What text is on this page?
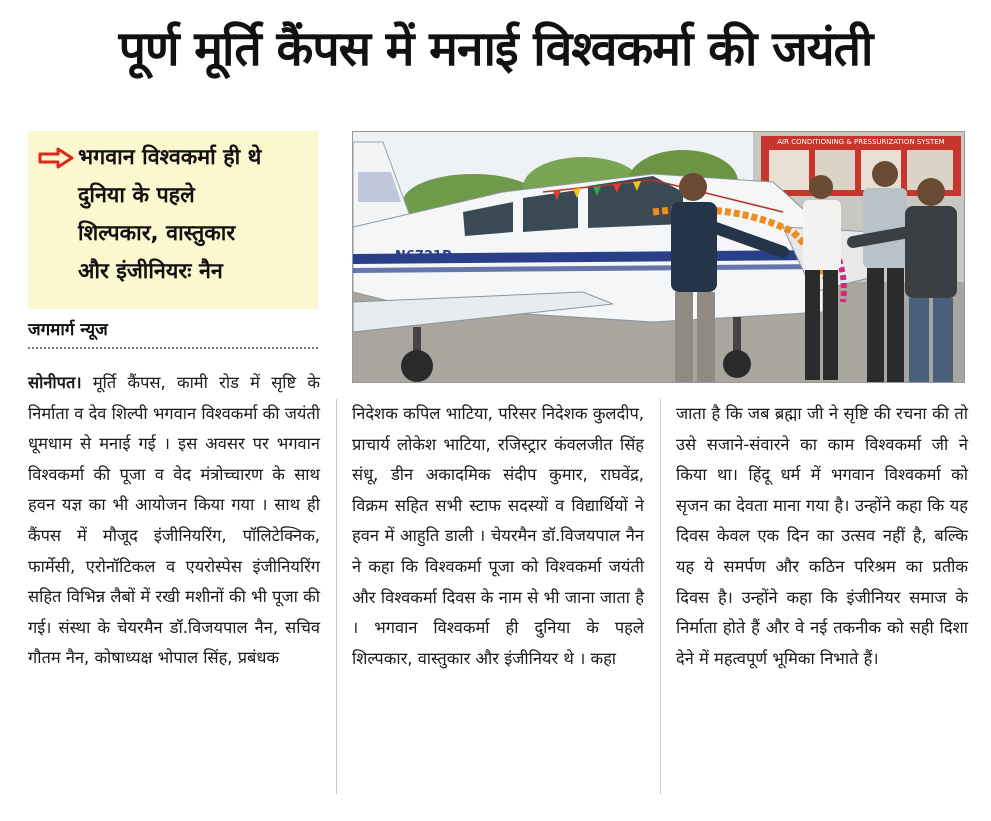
पूर्ण मूर्ति कैंपस में मनाई विश्वकर्मा की जयंती
भगवान विश्वकर्मा ही थे
दुनिया के पहले
शिल्पकार, वास्तुकार
और इंजीनियरः नैन
जगमार्ग न्यूज
AIR CONDITIONING & PRESSURIZATION SYSTEM
N6721P
सोनीपत। मूर्ति कैंपस, कामी रोड में सृष्टि के निर्माता व देव शिल्पी भगवान विश्वकर्मा की जयंती धूमधाम से मनाई गई । इस अवसर पर भगवान विश्वकर्मा की पूजा व वेद मंत्रोच्चारण के साथ हवन यज्ञ का भी आयोजन किया गया । साथ ही कैंपस में मौजूद इंजीनियरिंग, पॉलिटेक्निक, फार्मेसी, एरोनॉटिकल व एयरोस्पेस इंजीनियरिंग सहित विभिन्न लैबों में रखी मशीनों की भी पूजा की गई। संस्था के चेयरमैन डॉ.विजयपाल नैन, सचिव गौतम नैन, कोषाध्यक्ष भोपाल सिंह, प्रबंधक
निदेशक कपिल भाटिया, परिसर निदेशक कुलदीप, प्राचार्य लोकेश भाटिया, रजिस्ट्रार कंवलजीत सिंह संधू, डीन अकादमिक संदीप कुमार, राघवेंद्र, विक्रम सहित सभी स्टाफ सदस्यों व विद्यार्थियों ने हवन में आहुति डाली । चेयरमैन डॉ.विजयपाल नैन ने कहा कि विश्वकर्मा पूजा को विश्वकर्मा जयंती और विश्वकर्मा दिवस के नाम से भी जाना जाता है । भगवान विश्वकर्मा ही दुनिया के पहले शिल्पकार, वास्तुकार और इंजीनियर थे । कहा
जाता है कि जब ब्रह्मा जी ने सृष्टि की रचना की तो उसे सजाने-संवारने का काम विश्वकर्मा जी ने किया था। हिंदू धर्म में भगवान विश्वकर्मा को सृजन का देवता माना गया है। उन्होंने कहा कि यह दिवस केवल एक दिन का उत्सव नहीं है, बल्कि यह ये समर्पण और कठिन परिश्रम का प्रतीक दिवस है। उन्होंने कहा कि इंजीनियर समाज के निर्माता होते हैं और वे नई तकनीक को सही दिशा देने में महत्वपूर्ण भूमिका निभाते हैं।
